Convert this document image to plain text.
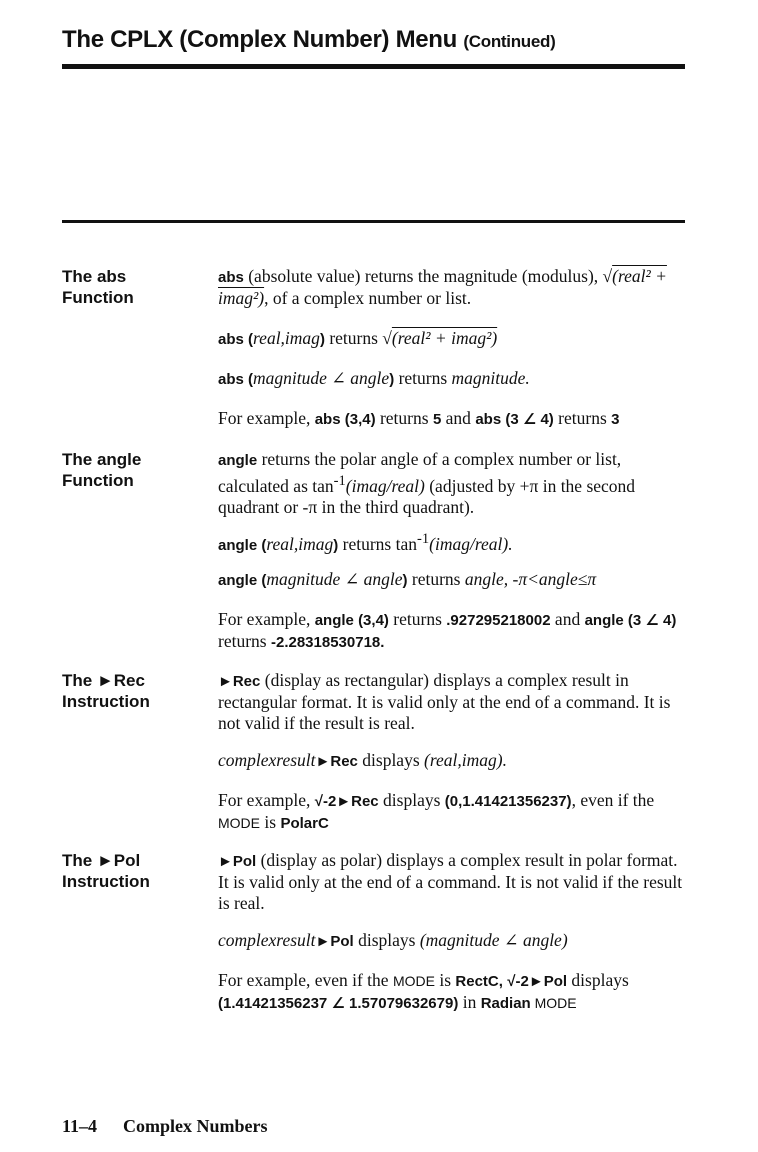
The CPLX (Complex Number) Menu (Continued)
The abs
Function
abs (absolute value) returns the magnitude (modulus), √(real² + imag²), of a complex number or list.
abs (real,imag) returns √(real² + imag²)
abs (magnitude ∠ angle) returns magnitude.
For example, abs (3,4) returns 5 and abs (3 ∠ 4) returns 3
The angle
Function
angle returns the polar angle of a complex number or list, calculated as $\tan^{-1}(imag/real)$ (adjusted by +π in the second quadrant or -π in the third quadrant).
angle (real,imag) returns $\tan^{-1}(imag/real)$.
angle (magnitude ∠ angle) returns angle, -π<angle≤π
For example, angle (3,4) returns .927295218002 and angle (3 ∠ 4) returns -2.28318530718.
The ►Rec
Instruction
►Rec (display as rectangular) displays a complex result in rectangular format. It is valid only at the end of a command. It is not valid if the result is real.
complexresult►Rec displays (real,imag).
For example, √-2►Rec displays (0,1.41421356237), even if the MODE is PolarC
The ►Pol
Instruction
►Pol (display as polar) displays a complex result in polar format. It is valid only at the end of a command. It is not valid if the result is real.
complexresult►Pol displays (magnitude ∠ angle)
For example, even if the MODE is RectC, √-2►Pol displays (1.41421356237 ∠ 1.57079632679) in Radian MODE
11–4 Complex Numbers
